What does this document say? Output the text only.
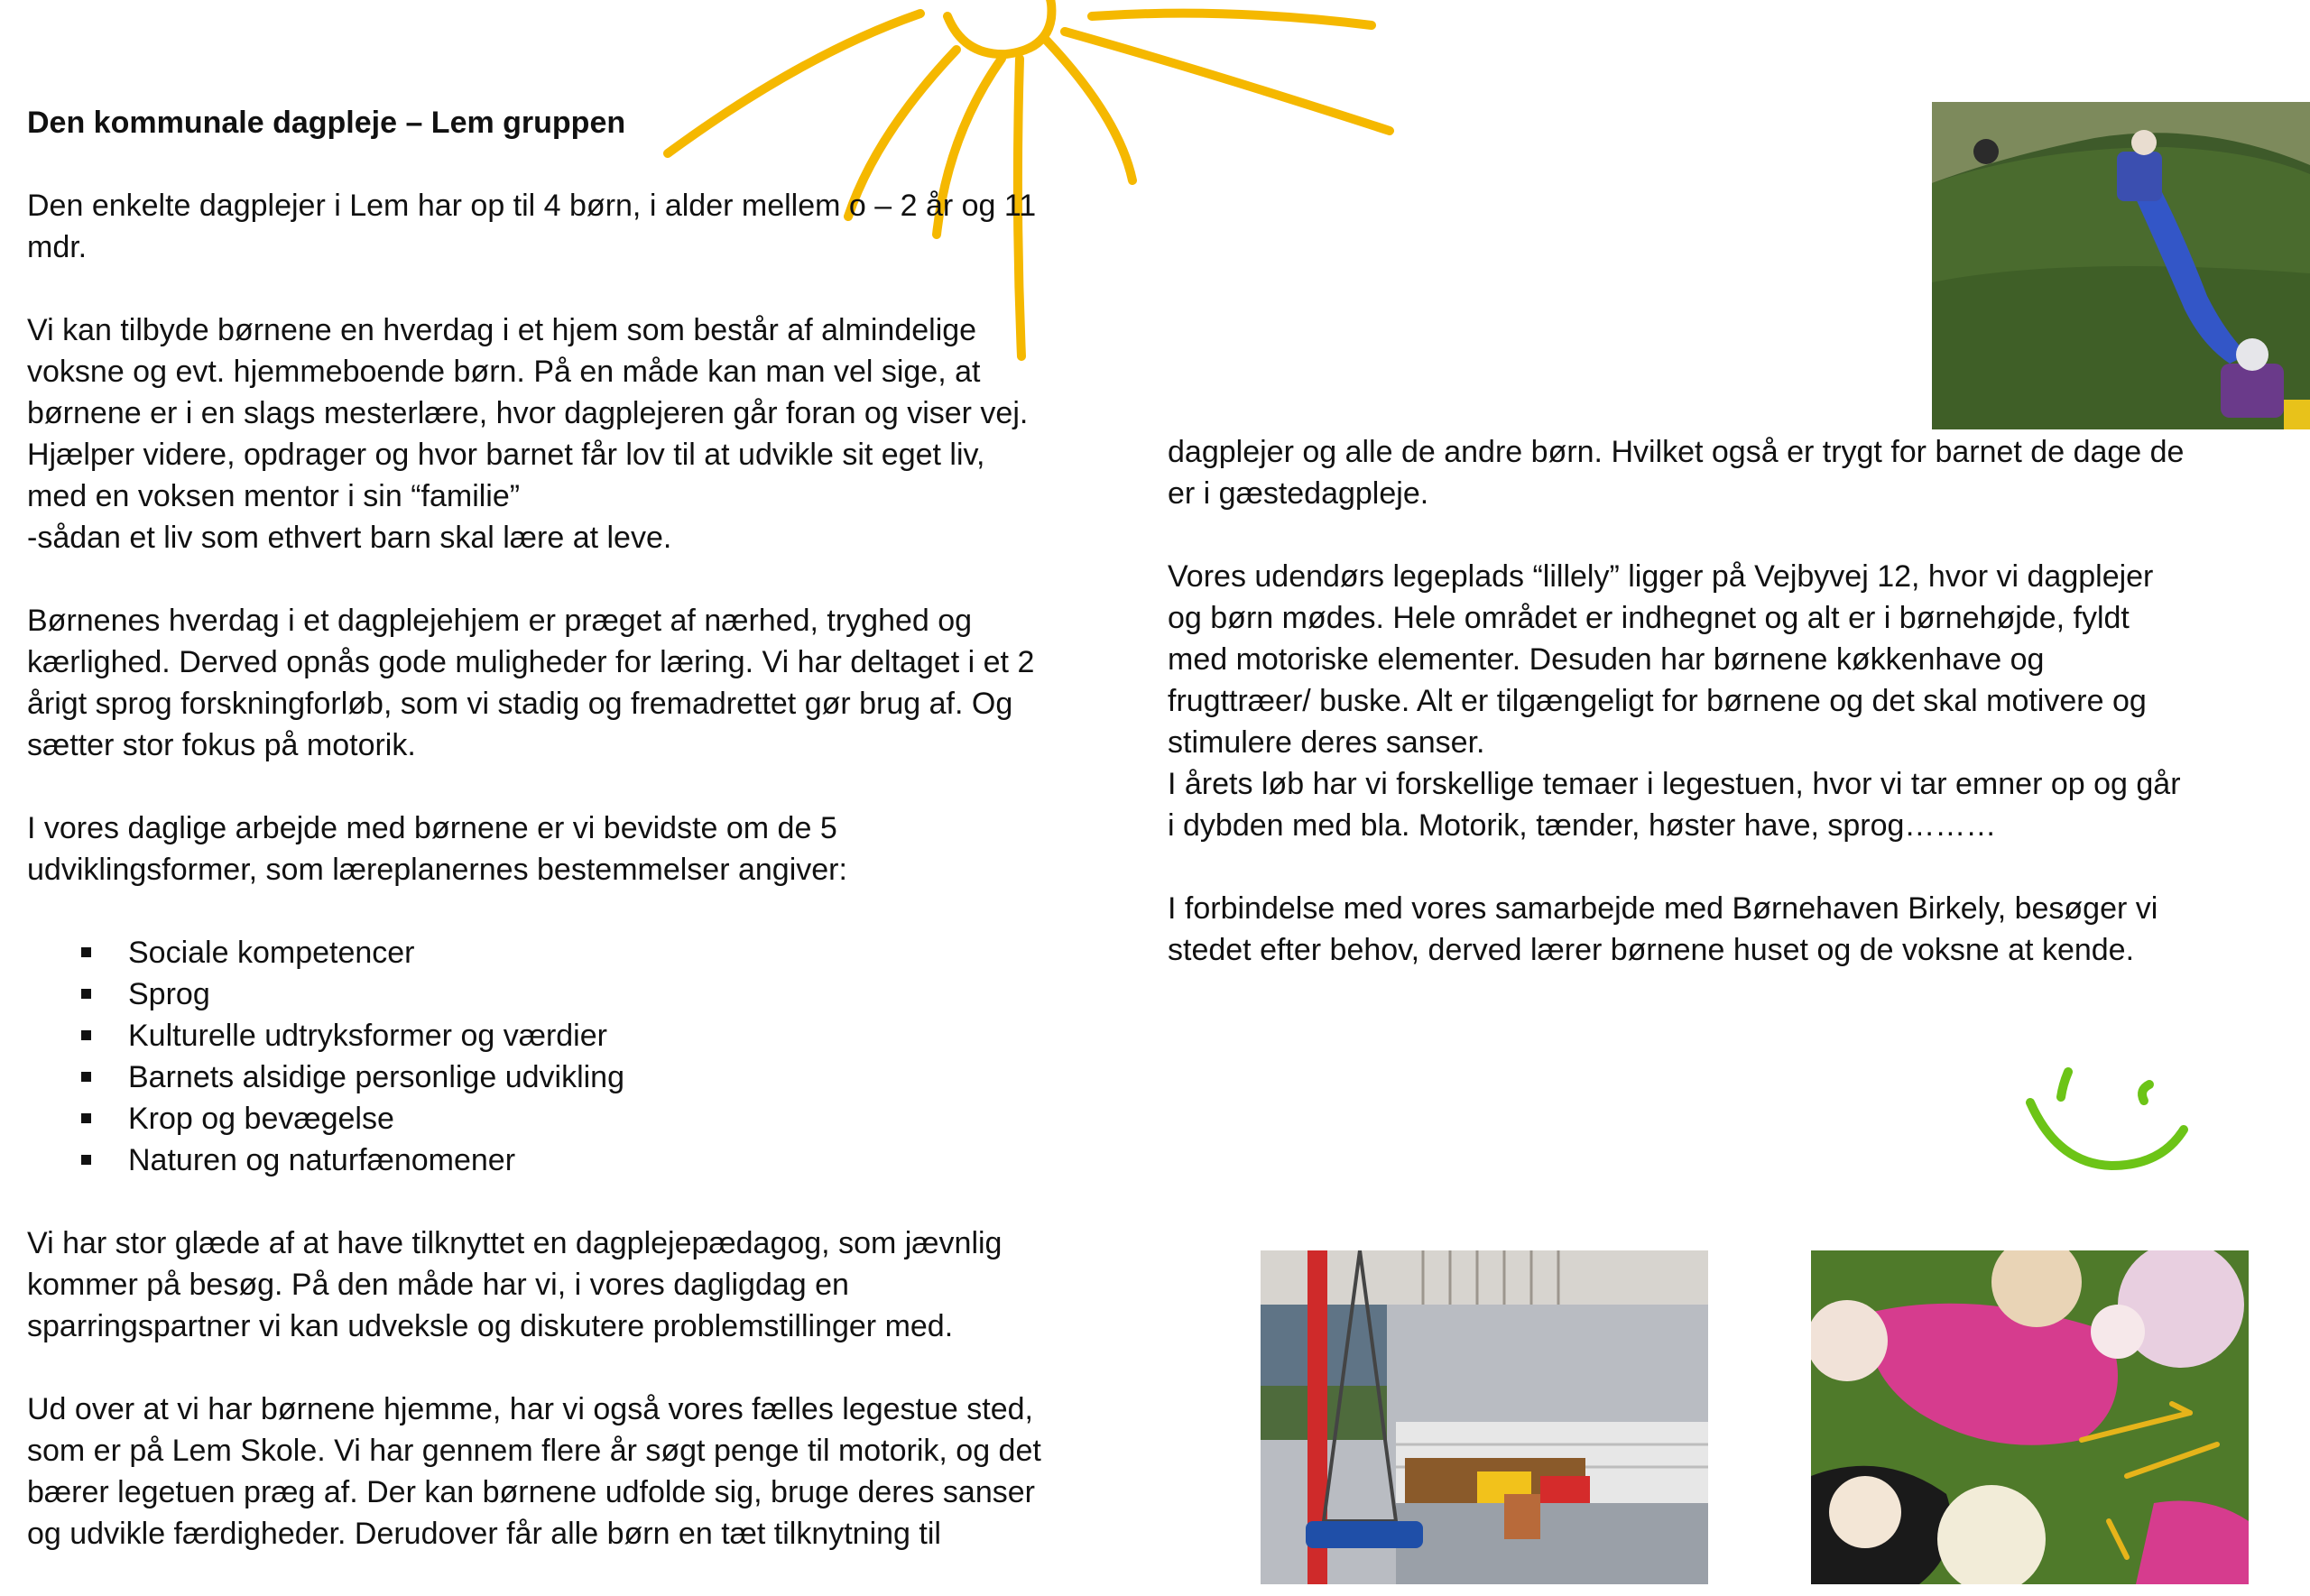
Den kommunale dagpleje – Lem gruppen

Den enkelte dagplejer i Lem har op til 4 børn, i alder mellem o – 2 år og 11
mdr.

Vi kan tilbyde børnene en hverdag i et hjem som består af almindelige
voksne og evt. hjemmeboende børn. På en måde kan man vel sige, at
børnene er i en slags mesterlære, hvor dagplejeren går foran og viser vej.
Hjælper videre, opdrager og hvor barnet får lov til at udvikle sit eget liv,
med en voksen mentor i sin “familie”
-sådan et liv som ethvert barn skal lære at leve.

Børnenes hverdag i et dagplejehjem er præget af nærhed, tryghed og
kærlighed. Derved opnås gode muligheder for læring. Vi har deltaget i et 2
årigt sprog forskningforløb, som vi stadig og fremadrettet gør brug af. Og
sætter stor fokus på motorik.

I vores daglige arbejde med børnene er vi bevidste om de 5
udviklingsformer, som læreplanernes bestemmelser angiver:

Sociale kompetencer
Sprog
Kulturelle udtryksformer og værdier
Barnets alsidige personlige udvikling
Krop og bevægelse
Naturen og naturfænomener

Vi har stor glæde af at have tilknyttet en dagplejepædagog, som jævnlig
kommer på besøg. På den måde har vi, i vores dagligdag en
sparringspartner vi kan udveksle og diskutere problemstillinger med.

Ud over at vi har børnene hjemme, har vi også vores fælles legestue sted,
som er på Lem Skole. Vi har gennem flere år søgt penge til motorik, og det
bærer legetuen præg af. Der kan børnene udfolde sig, bruge deres sanser
og udvikle færdigheder. Derudover får alle børn en tæt tilknytning til

dagplejer og alle de andre børn. Hvilket også er trygt for barnet de dage de
er i gæstedagpleje.

Vores udendørs legeplads “lillely” ligger på Vejbyvej 12, hvor vi dagplejer
og børn mødes. Hele området er indhegnet og alt er i børnehøjde, fyldt
med motoriske elementer. Desuden har børnene køkkenhave og
frugttræer/ buske. Alt er tilgængeligt for børnene og det skal motivere og
stimulere deres sanser.
I årets løb har vi forskellige temaer i legestuen, hvor vi tar emner op og går
i dybden med bla. Motorik, tænder, høster have, sprog………

I forbindelse med vores samarbejde med Børnehaven Birkely, besøger vi
stedet efter behov, derved lærer børnene huset og de voksne at kende.
